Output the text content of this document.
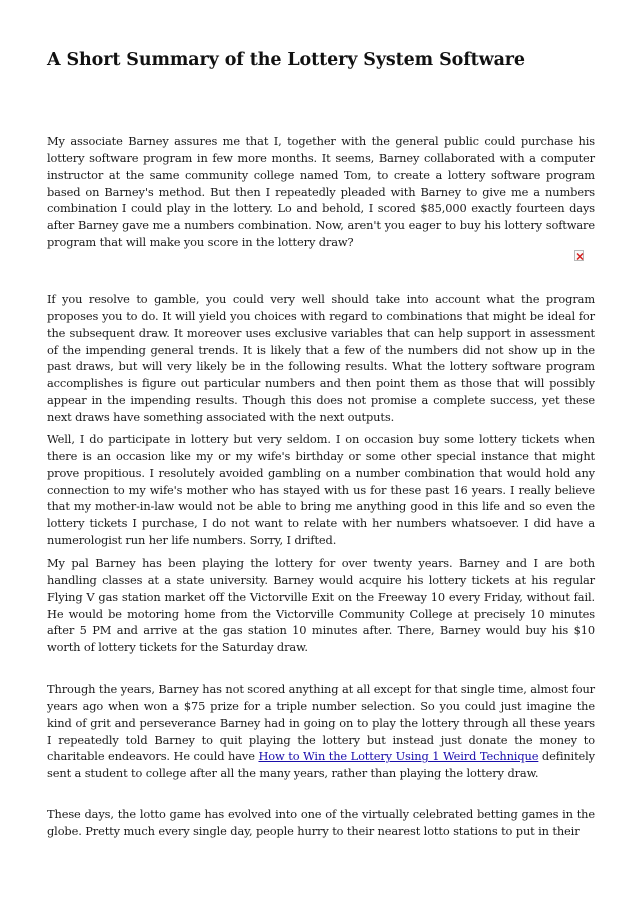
A Short Summary of the Lottery System Software

My associate Barney assures me that I, together with the general public could purchase his lottery software program in few more months. It seems, Barney collaborated with a computer instructor at the same community college named Tom, to create a lottery software program based on Barney's method. But then I repeatedly pleaded with Barney to give me a numbers combination I could play in the lottery. Lo and behold, I scored $85,000 exactly fourteen days after Barney gave me a numbers combination. Now, aren't you eager to buy his lottery software program that will make you score in the lottery draw?

If you resolve to gamble, you could very well should take into account what the program proposes you to do. It will yield you choices with regard to combinations that might be ideal for the subsequent draw. It moreover uses exclusive variables that can help support in assessment of the impending general trends. It is likely that a few of the numbers did not show up in the past draws, but will very likely be in the following results. What the lottery software program accomplishes is figure out particular numbers and then point them as those that will possibly appear in the impending results. Though this does not promise a complete success, yet these next draws have something associated with the next outputs.

Well, I do participate in lottery but very seldom. I on occasion buy some lottery tickets when there is an occasion like my or my wife's birthday or some other special instance that might prove propitious. I resolutely avoided gambling on a number combination that would hold any connection to my wife's mother who has stayed with us for these past 16 years. I really believe that my mother-in-law would not be able to bring me anything good in this life and so even the lottery tickets I purchase, I do not want to relate with her numbers whatsoever. I did have a numerologist run her life numbers. Sorry, I drifted.

My pal Barney has been playing the lottery for over twenty years. Barney and I are both handling classes at a state university. Barney would acquire his lottery tickets at his regular Flying V gas station market off the Victorville Exit on the Freeway 10 every Friday, without fail. He would be motoring home from the Victorville Community College at precisely 10 minutes after 5 PM and arrive at the gas station 10 minutes after. There, Barney would buy his $10 worth of lottery tickets for the Saturday draw.

Through the years, Barney has not scored anything at all except for that single time, almost four years ago when won a $75 prize for a triple number selection. So you could just imagine the kind of grit and perseverance Barney had in going on to play the lottery through all these years I repeatedly told Barney to quit playing the lottery but instead just donate the money to charitable endeavors. He could have How to Win the Lottery Using 1 Weird Technique definitely sent a student to college after all the many years, rather than playing the lottery draw.

These days, the lotto game has evolved into one of the virtually celebrated betting games in the globe. Pretty much every single day, people hurry to their nearest lotto stations to put in their
